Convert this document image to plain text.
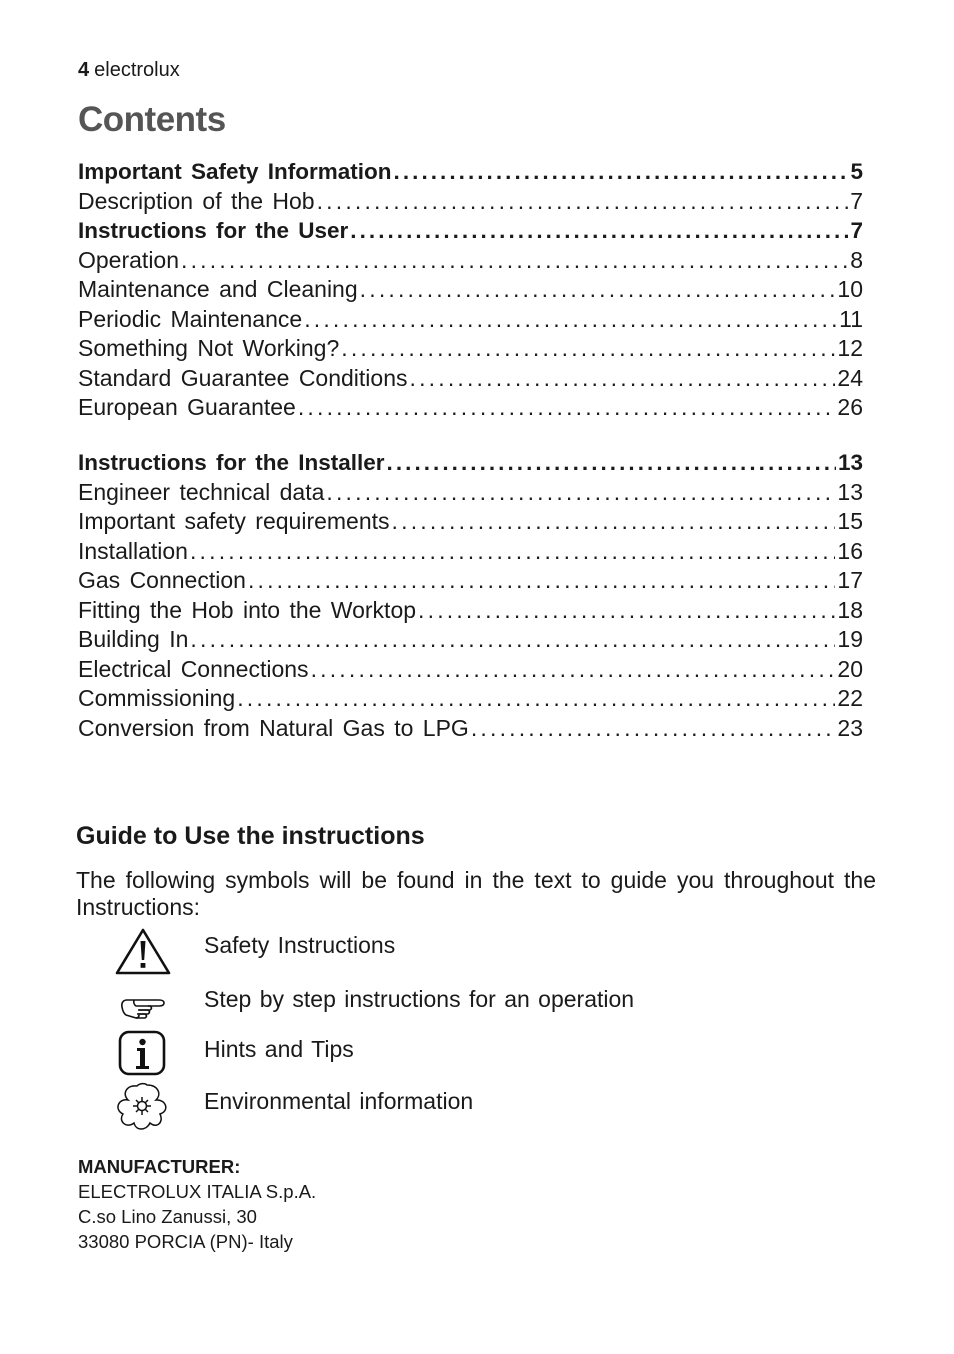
4 electrolux
Contents
Important Safety Information . . .	5
Description of the Hob . . .	7
Instructions for the User . . .	7
Operation . . .	8
Maintenance and Cleaning . . .	10
Periodic Maintenance . . .	11
Something Not Working? . . .	12
Standard Guarantee Conditions . . .	24
European Guarantee . . .	26
Instructions for the Installer . . .	13
Engineer technical data . . .	13
Important safety requirements . . .	15
Installation . . .	16
Gas Connection . . .	17
Fitting the Hob into the Worktop . . .	18
Building In . . .	19
Electrical Connections . . .	20
Commissioning . . .	22
Conversion from Natural Gas to LPG . . .	23
Guide to Use the instructions

The following symbols will be found in the text to guide you throughout the Instructions:

Safety Instructions
Step by step instructions for an operation
Hints and Tips
Environmental information
MANUFACTURER:
ELECTROLUX ITALIA S.p.A.
C.so Lino Zanussi, 30
33080 PORCIA (PN)- Italy
